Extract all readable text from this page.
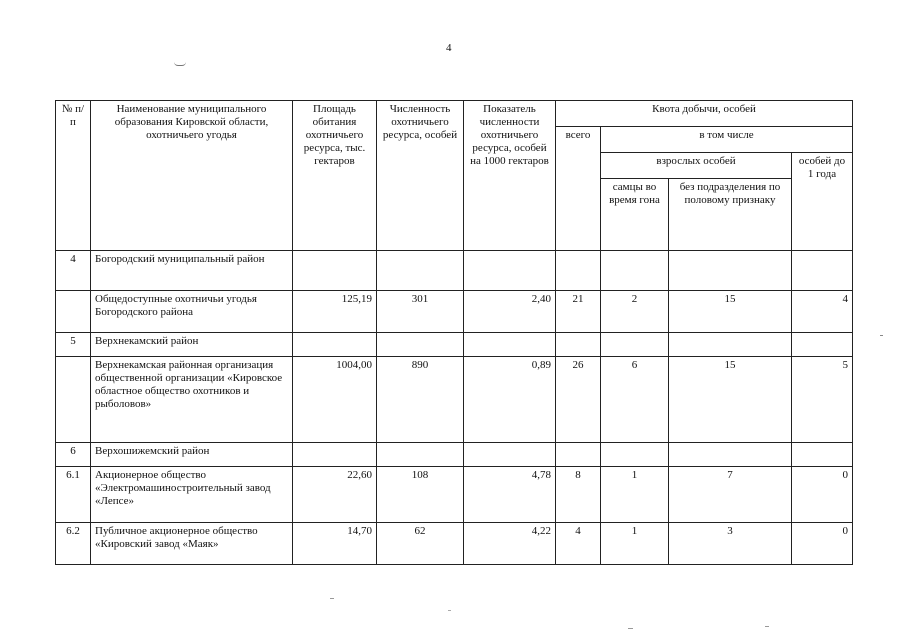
4
№ п/п	Наименование муниципального образования Кировской области, охотничьего угодья	Площадь обитания охотничьего ресурса, тыс. гектаров	Численность охотничьего ресурса, особей	Показатель численности охотничьего ресурса, особей на 1000 гектаров	Квота добычи, особей			
					всего	в том числе		
						взрослых особей		особей до 1 года
						самцы во время гона	без подразделения по половому признаку	
4	Богородский муниципальный район							
	Общедоступные охотничьи угодья Богородского района	125,19	301	2,40	21	2	15	4
5	Верхнекамский район							
	Верхнекамская районная организация общественной организации «Кировское областное общество охотников и рыболовов»	1004,00	890	0,89	26	6	15	5
6	Верхошижемский район							
6.1	Акционерное общество «Электромашиностроительный завод «Лепсе»	22,60	108	4,78	8	1	7	0
6.2	Публичное акционерное общество «Кировский завод «Маяк»	14,70	62	4,22	4	1	3	0
